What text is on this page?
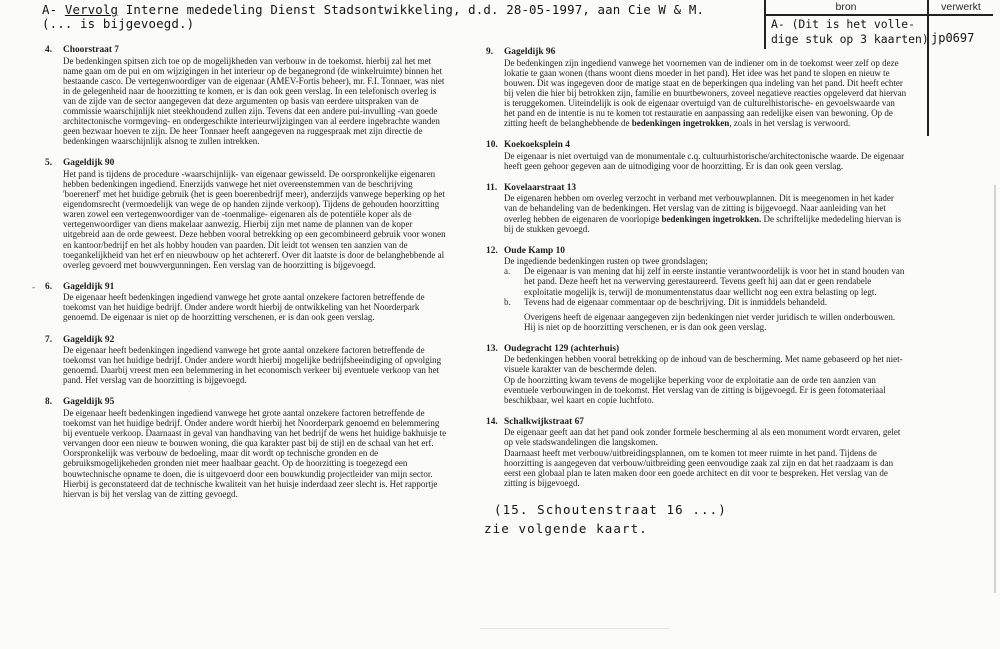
A- Vervolg Interne mededeling Dienst Stadsontwikkeling, d.d. 28-05-1997, aan Cie W & M.
(... is bijgevoegd.)
bron	verwerkt
A- (Dit is het volle-
dige stuk op 3 kaarten) jp0697
4. Choorstraat 7
De bedenkingen spitsen zich toe op de mogelijkheden van verbouw in de toekomst. hierbij zal het met name gaan om de pui en om wijzigingen in het interieur op de beganegrond (de winkelruimte) binnen het bestaande casco. De vertegenwoordiger van de eigenaar (AMEV-Fortis beheer), mr. F.I. Tonnaer, was niet in de gelegenheid naar de hoorzitting te komen, er is dan ook geen verslag. In een telefonisch overleg is van de zijde van de sector aangegeven dat deze argumenten op basis van eerdere uitspraken van de commissie waarschijnlijk niet steekhoudend zullen zijn. Tevens dat een andere pui-invulling -van goede architectonische vormgeving- en ondergeschikte interieurwijzigingen van al eerdere ingebrachte wanden geen bezwaar hoeven te zijn. De heer Tonnaer heeft aangegeven na ruggespraak met zijn directie de bedenkingen waarschijnlijk alsnog te zullen intrekken.
5. Gageldijk 90
Het pand is tijdens de procedure -waarschijnlijk- van eigenaar gewisseld. De oorspronkelijke eigenaren hebben bedenkingen ingediend. Enerzijds vanwege het niet overeenstemmen van de beschrijving 'boerenerf' met het huidige gebruik (het is geen boerenbedrijf meer), anderzijds vanwege beperking op het eigendomsrecht (vermoedelijk van wege de op handen zijnde verkoop). Tijdens de gehouden hoorzitting waren zowel een vertegenwoordiger van de -toenmalige- eigenaren als de potentiële koper als de vertegenwoordiger van diens makelaar aanwezig. Hierbij zijn met name de plannen van de koper uitgebreid aan de orde geweest. Deze hebben vooral betrekking op een gecombineerd gebruik voor wonen en kantoor/bedrijf en het als hobby houden van paarden. Dit leidt tot wensen ten aanzien van de toegankelijkheid van het erf en nieuwbouw op het achtererf. Over dit laatste is door de belanghebbende al overleg gevoerd met bouwvergunningen. Een verslag van de hoorzitting is bijgevoegd.
- 6. Gageldijk 91
De eigenaar heeft bedenkingen ingediend vanwege het grote aantal onzekere factoren betreffende de toekomst van het huidige bedrijf. Onder andere wordt hierbij de ontwikkeling van het Noorderpark genoemd. De eigenaar is niet op de hoorzitting verschenen, er is dan ook geen verslag.
7. Gageldijk 92
De eigenaar heeft bedenkingen ingediend vanwege het grote aantal onzekere factoren betreffende de toekomst van het huidige bedrijf. Onder andere wordt hierbij mogelijke bedrijfsbeeindiging of opvolging genoemd. Daarbij vreest men een belemmering in het economisch verkeer bij eventuele verkoop van het pand. Het verslag van de hoorzitting is bijgevoegd.
8. Gageldijk 95
De eigenaar heeft bedenkingen ingediend vanwege het grote aantal onzekere factoren betreffende de toekomst van het huidige bedrijf. Onder andere wordt hierbij het Noorderpark genoemd en belemmering bij eventuele verkoop. Daarnaast in geval van handhaving van het bedrijf de wens het huidige bakhuisje te vervangen door een nieuw te bouwen woning, die qua karakter past bij de stijl en de schaal van het erf. Oorspronkelijk was verbouw de bedoeling, maar dit wordt op technische gronden en de gebruiksmogelijkeheden gronden niet meer haalbaar geacht. Op de hoorzitting is toegezegd een bouwtechnische opname te doen, die is uitgevoerd door een bouwkundig projectleider van mijn sector. Hierbij is geconstateerd dat de technische kwaliteit van het huisje inderdaad zeer slecht is. Het rapportje hiervan is bij het verslag van de zitting gevoegd.
9. Gageldijk 96
De bedenkingen zijn ingediend vanwege het voornemen van de indiener om in de toekomst weer zelf op deze lokatie te gaan wonen (thans woont diens moeder in het pand). Het idee was het pand te slopen en nieuw te bouwen. Dit was ingegeven door de matige staat en de beperkingen qua indeling van het pand. Dit heeft echter bij velen die hier bij betrokken zijn, familie en buurtbewoners, zoveel negatieve reacties opgeleverd dat hiervan is teruggekomen. Uiteindelijk is ook de eigenaar overtuigd van de culturelhistorische- en gevoelswaarde van het pand en de intentie is nu te komen tot restauratie en aanpassing aan redelijke eisen van bewoning. Op de zitting heeft de belanghebbende de bedenkingen ingetrokken, zoals in het verslag is verwoord.
10. Koekoeksplein 4
De eigenaar is niet overtuigd van de monumentale c.q. cultuurhistorische/architectonische waarde. De eigenaar heeft geen gehoor gegeven aan de uitnodiging voor de hoorzitting. Er is dan ook geen verslag.
11. Kovelaarstraat 13
De eigenaren hebben om overleg verzocht in verband met verbouwplannen. Dit is meegenomen in het kader van de behandeling van de bedenkingen. Het verslag van de zitting is bijgevoegd. Naar aanleiding van het overleg hebben de eigenaren de voorlopige bedenkingen ingetrokken. De schriftelijke mededeling hiervan is bij de stukken gevoegd.
12. Oude Kamp 10
De ingediende bedenkingen rusten op twee grondslagen;
a.	De eigenaar is van mening dat hij zelf in eerste instantie verantwoordelijk is voor het in stand houden van het pand. Deze heeft het na verwerving gerestaureerd. Tevens geeft hij aan dat er geen rendabele exploitatie mogelijk is, terwijl de monumentenstatus daar wellicht nog een extra belasting op legt.
b.	Tevens had de eigenaar commentaar op de beschrijving. Dit is inmiddels behandeld.
Overigens heeft de eigenaar aangegeven zijn bedenkingen niet verder juridisch te willen onderbouwen. Hij is niet op de hoorzitting verschenen, er is dan ook geen verslag.
13. Oudegracht 129 (achterhuis)
De bedenkingen hebben vooral betrekking op de inhoud van de bescherming. Met name gebaseerd op het niet-visuele karakter van de beschermde delen.
Op de hoorzitting kwam tevens de mogelijke beperking voor de exploitatie aan de orde ten aanzien van eventuele verbouwingen in de toekomst. Het verslag van de zitting is bijgevoegd. Er is geen fotomateriaal beschikbaar, wel kaart en copie luchtfoto.
14. Schalkwijkstraat 67
De eigenaar geeft aan dat het pand ook zonder formele bescherming al als een monument wordt ervaren, gelet op vele stadswandelingen die langskomen.
Daarnaast heeft met verbouw/uitbreidingsplannen, om te komen tot meer ruimte in het pand. Tijdens de hoorzitting is aangegeven dat verbouw/uitbreiding geen eenvoudige zaak zal zijn en dat het raadzaam is dan eerst een globaal plan te laten maken door een goede architect en dit voor te bespreken. Het verslag van de zitting is bijgevoegd.
(15. Schoutenstraat 16 ...)
zie volgende kaart.
